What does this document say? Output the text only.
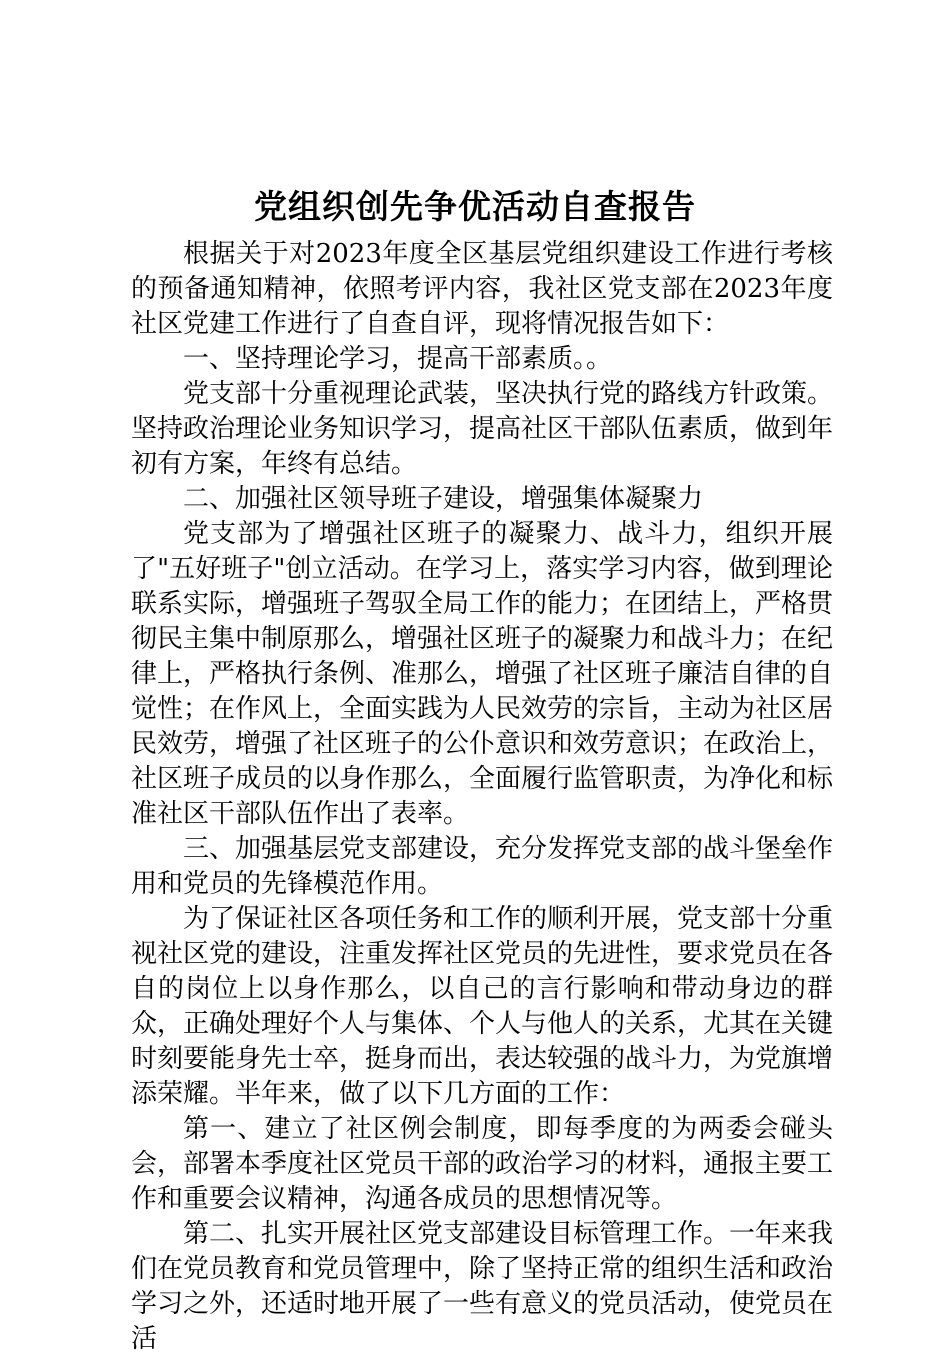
党组织创先争优活动自查报告

根据关于对2023年度全区基层党组织建设工作进行考核的预备通知精神，依照考评内容，我社区党支部在2023年度社区党建工作进行了自查自评，现将情况报告如下：

一、坚持理论学习，提高干部素质。。

党支部十分重视理论武装，坚决执行党的路线方针政策。坚持政治理论业务知识学习，提高社区干部队伍素质，做到年初有方案，年终有总结。

二、加强社区领导班子建设，增强集体凝聚力

党支部为了增强社区班子的凝聚力、战斗力，组织开展了"五好班子"创立活动。在学习上，落实学习内容，做到理论联系实际，增强班子驾驭全局工作的能力；在团结上，严格贯彻民主集中制原那么，增强社区班子的凝聚力和战斗力；在纪律上，严格执行条例、准那么，增强了社区班子廉洁自律的自觉性；在作风上，全面实践为人民效劳的宗旨，主动为社区居民效劳，增强了社区班子的公仆意识和效劳意识；在政治上，社区班子成员的以身作那么，全面履行监管职责，为净化和标准社区干部队伍作出了表率。

三、加强基层党支部建设，充分发挥党支部的战斗堡垒作用和党员的先锋模范作用。

为了保证社区各项任务和工作的顺利开展，党支部十分重视社区党的建设，注重发挥社区党员的先进性，要求党员在各自的岗位上以身作那么，以自己的言行影响和带动身边的群众，正确处理好个人与集体、个人与他人的关系，尤其在关键时刻要能身先士卒，挺身而出，表达较强的战斗力，为党旗增添荣耀。半年来，做了以下几方面的工作：

第一、建立了社区例会制度，即每季度的为两委会碰头会，部署本季度社区党员干部的政治学习的材料，通报主要工作和重要会议精神，沟通各成员的思想情况等。

第二、扎实开展社区党支部建设目标管理工作。一年来我们在党员教育和党员管理中，除了坚持正常的组织生活和政治学习之外，还适时地开展了一些有意义的党员活动，使党员在活
